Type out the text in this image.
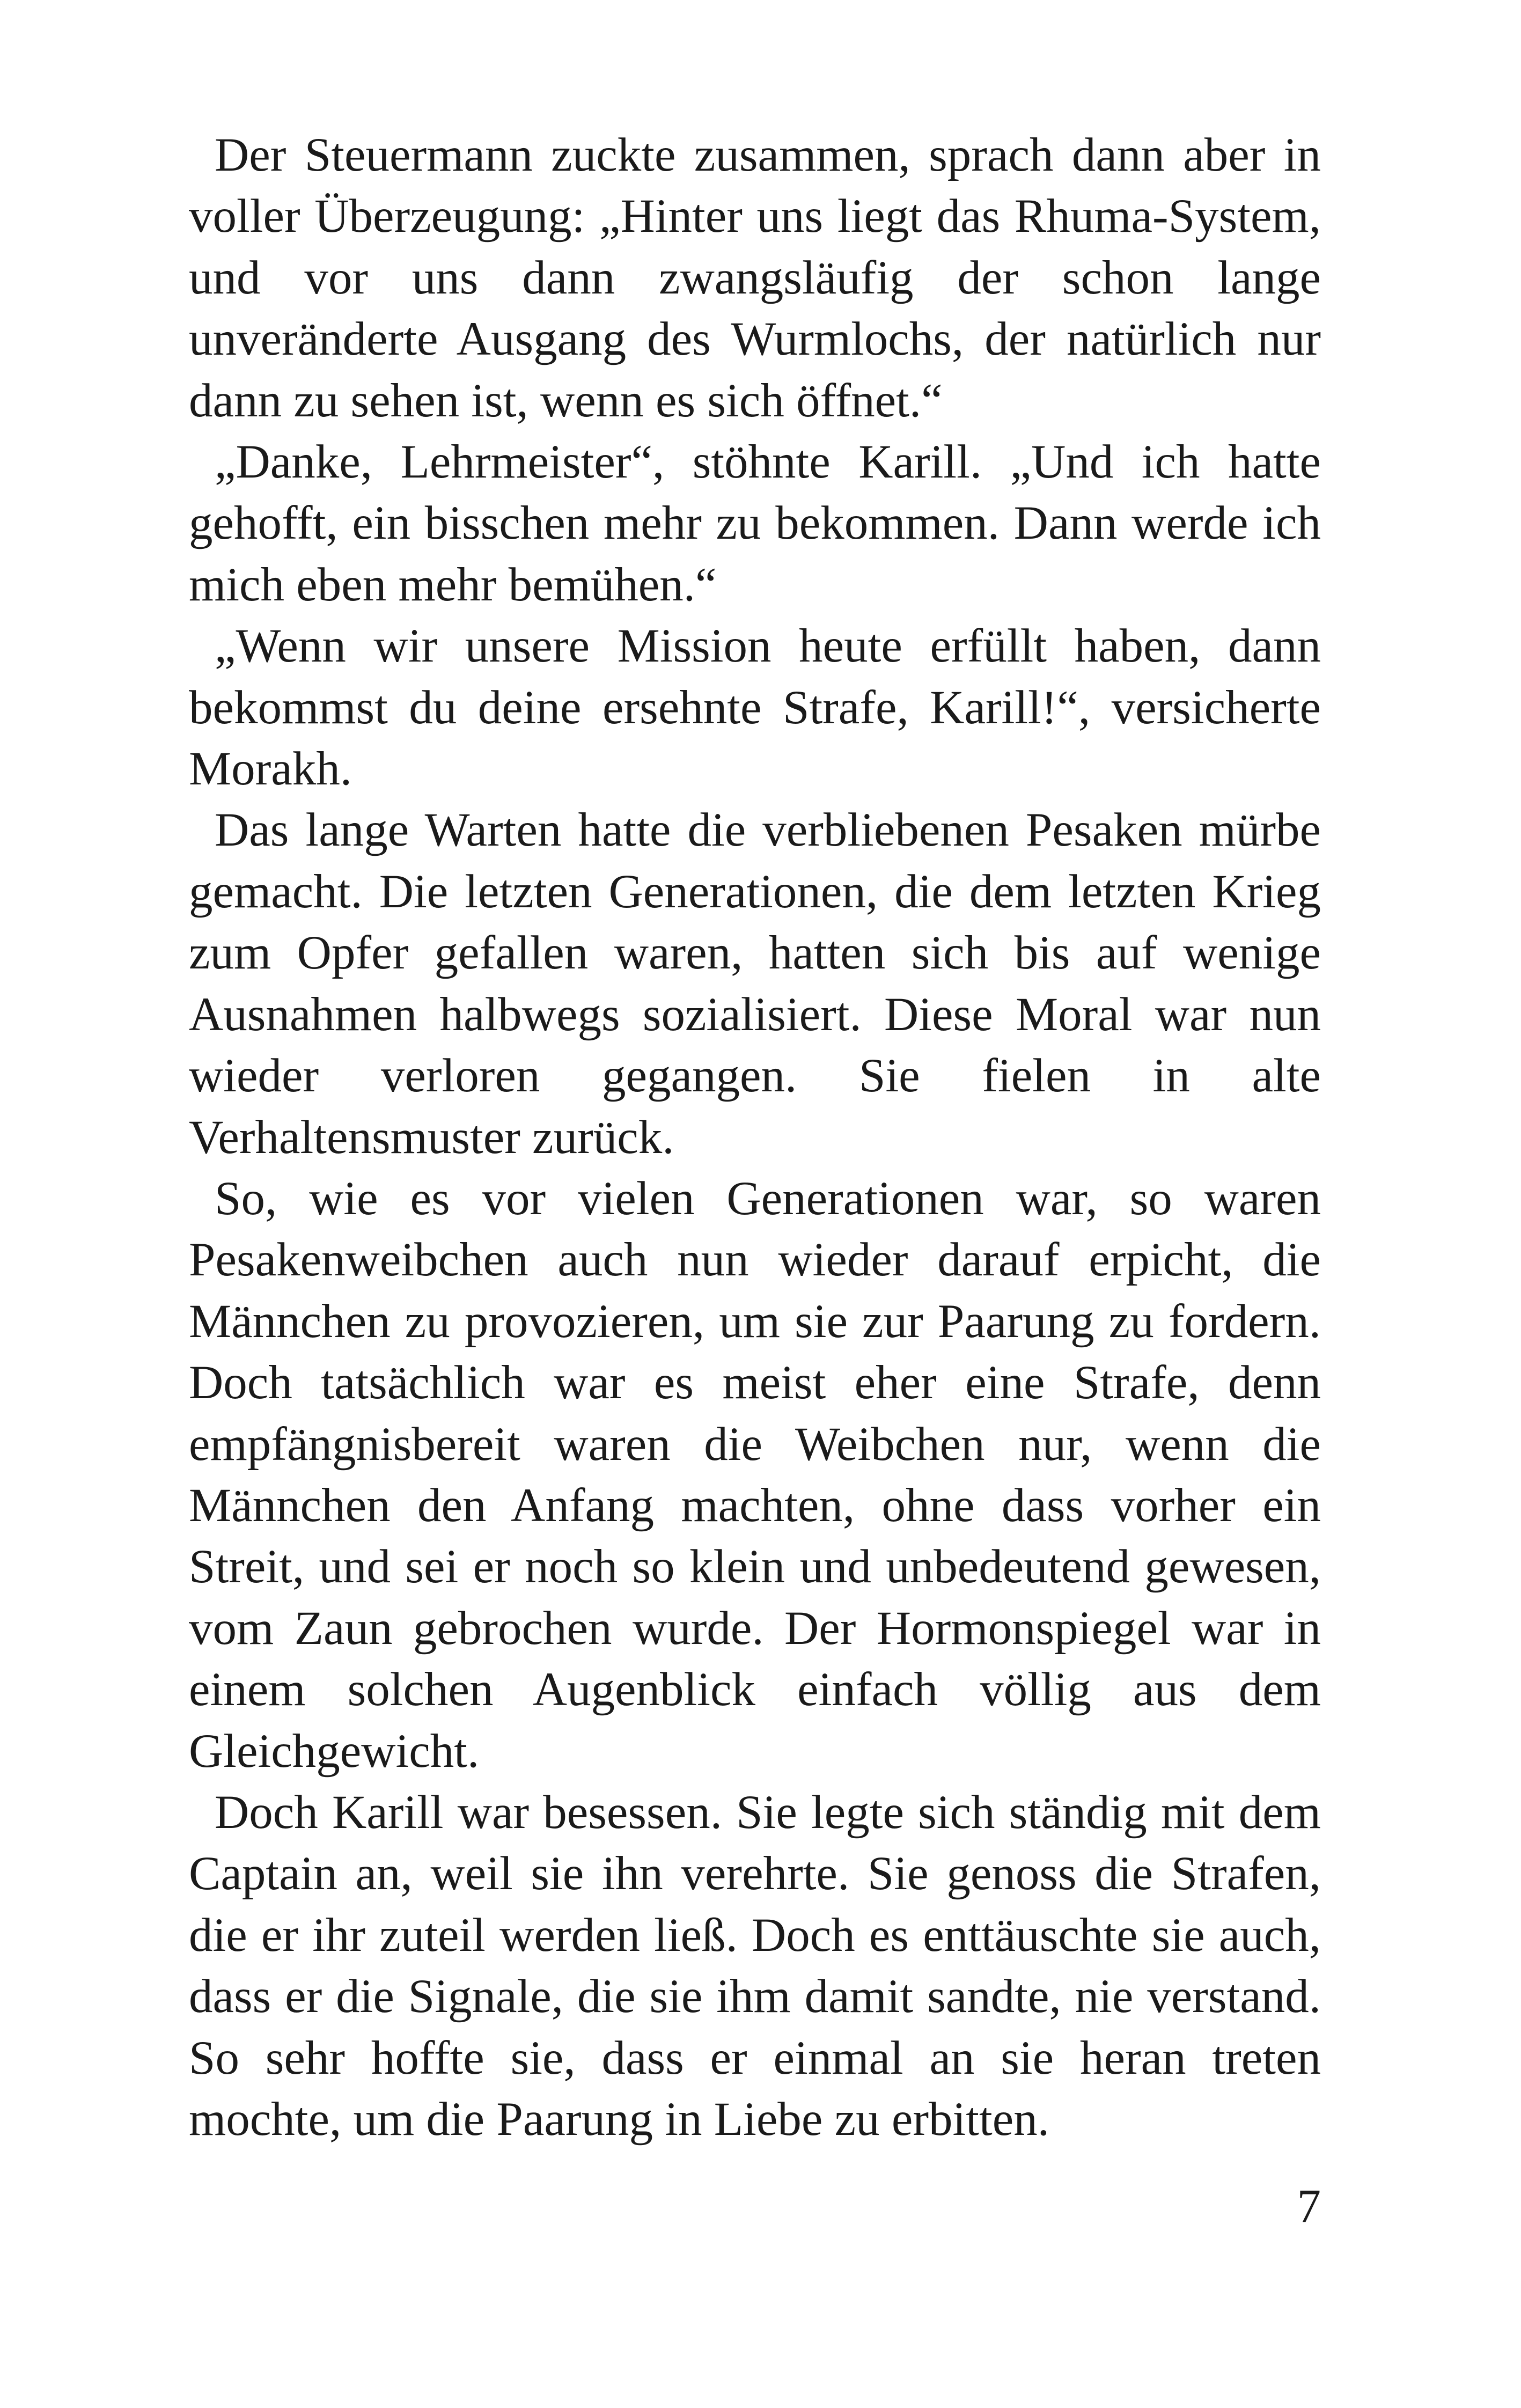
Der Steuermann zuckte zusammen, sprach dann aber in voller Überzeugung: „Hinter uns liegt das Rhuma-System, und vor uns dann zwangsläufig der schon lange unveränderte Ausgang des Wurmlochs, der natürlich nur dann zu sehen ist, wenn es sich öffnet.“

„Danke, Lehrmeister“, stöhnte Karill. „Und ich hatte gehofft, ein bisschen mehr zu bekommen. Dann werde ich mich eben mehr bemühen.“

„Wenn wir unsere Mission heute erfüllt haben, dann bekommst du deine ersehnte Strafe, Karill!“, versicherte Morakh.

Das lange Warten hatte die verbliebenen Pesaken mürbe gemacht. Die letzten Generationen, die dem letzten Krieg zum Opfer gefallen waren, hatten sich bis auf wenige Ausnahmen halbwegs sozialisiert. Diese Moral war nun wieder verloren gegangen. Sie fielen in alte Verhaltensmuster zurück.

So, wie es vor vielen Generationen war, so waren Pesakenweibchen auch nun wieder darauf erpicht, die Männchen zu provozieren, um sie zur Paarung zu fordern. Doch tatsächlich war es meist eher eine Strafe, denn empfängnisbereit waren die Weibchen nur, wenn die Männchen den Anfang machten, ohne dass vorher ein Streit, und sei er noch so klein und unbedeutend gewesen, vom Zaun gebrochen wurde. Der Hormonspiegel war in einem solchen Augenblick einfach völlig aus dem Gleichgewicht.

Doch Karill war besessen. Sie legte sich ständig mit dem Captain an, weil sie ihn verehrte. Sie genoss die Strafen, die er ihr zuteil werden ließ. Doch es enttäuschte sie auch, dass er die Signale, die sie ihm damit sandte, nie verstand. So sehr hoffte sie, dass er einmal an sie heran treten mochte, um die Paarung in Liebe zu erbitten.

7
